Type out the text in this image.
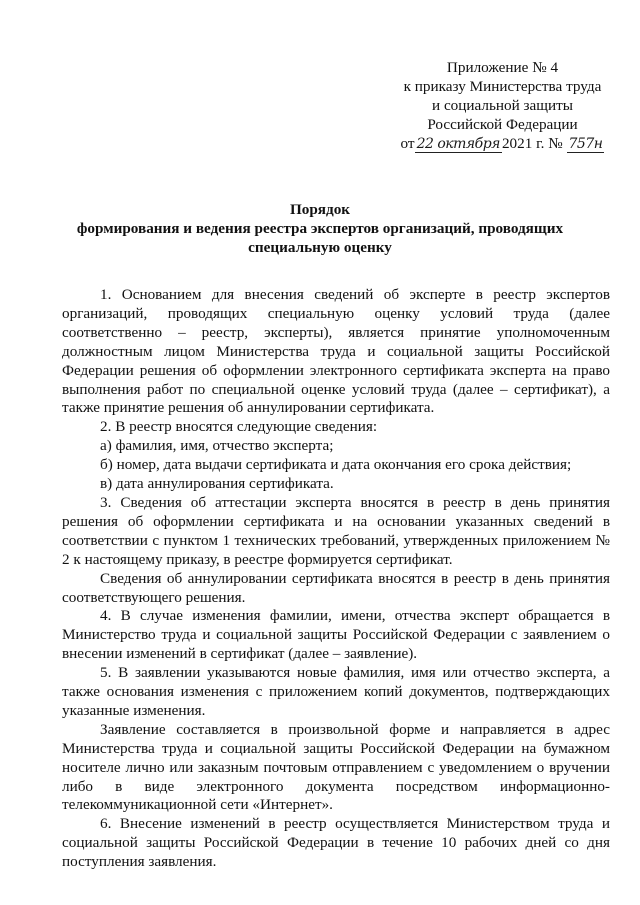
Приложение № 4
к приказу Министерства труда
и социальной защиты
Российской Федерации
от 22 октября 2021 г. № 757н
Порядок
формирования и ведения реестра экспертов организаций, проводящих
специальную оценку

1. Основанием для внесения сведений об эксперте в реестр экспертов организаций, проводящих специальную оценку условий труда (далее соответственно – реестр, эксперты), является принятие уполномоченным должностным лицом Министерства труда и социальной защиты Российской Федерации решения об оформлении электронного сертификата эксперта на право выполнения работ по специальной оценке условий труда (далее – сертификат), а также принятие решения об аннулировании сертификата.

2. В реестр вносятся следующие сведения:

а) фамилия, имя, отчество эксперта;

б) номер, дата выдачи сертификата и дата окончания его срока действия;

в) дата аннулирования сертификата.

3. Сведения об аттестации эксперта вносятся в реестр в день принятия решения об оформлении сертификата и на основании указанных сведений в соответствии с пунктом 1 технических требований, утвержденных приложением № 2 к настоящему приказу, в реестре формируется сертификат.

Сведения об аннулировании сертификата вносятся в реестр в день принятия соответствующего решения.

4. В случае изменения фамилии, имени, отчества эксперт обращается в Министерство труда и социальной защиты Российской Федерации с заявлением о внесении изменений в сертификат (далее – заявление).

5. В заявлении указываются новые фамилия, имя или отчество эксперта, а также основания изменения с приложением копий документов, подтверждающих указанные изменения.

Заявление составляется в произвольной форме и направляется в адрес Министерства труда и социальной защиты Российской Федерации на бумажном носителе лично или заказным почтовым отправлением с уведомлением о вручении либо в виде электронного документа посредством информационно-телекоммуникационной сети «Интернет».

6. Внесение изменений в реестр осуществляется Министерством труда и социальной защиты Российской Федерации в течение 10 рабочих дней со дня поступления заявления.
